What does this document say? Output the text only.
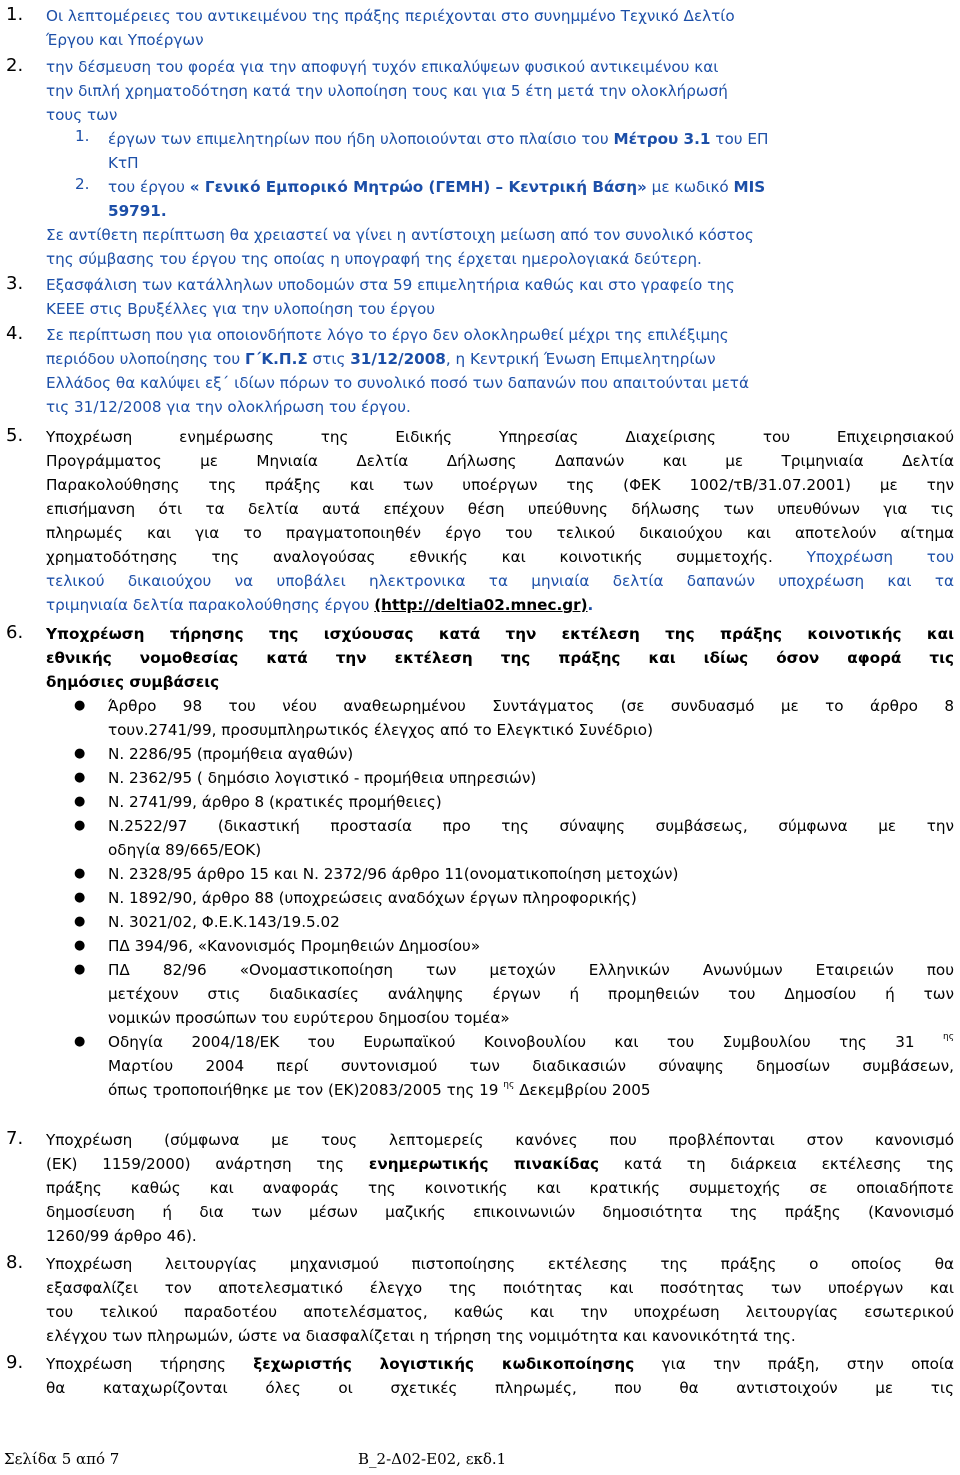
1. Οι λεπτομέρειες του αντικειμένου της πράξης περιέχονται στο συνημμένο Τεχνικό Δελτίο
Έργου και Υποέργων
2. την δέσμευση του φορέα για την αποφυγή τυχόν επικαλύψεων φυσικού αντικειμένου και
την διπλή χρηματοδότηση κατά την υλοποίηση τους και για 5 έτη μετά την ολοκλήρωσή
τους των
1. έργων των επιμελητηρίων που ήδη υλοποιούνται στο πλαίσιο του Μέτρου 3.1 του ΕΠ
ΚτΠ
2. του έργου « Γενικό Εμπορικό Μητρώο (ΓΕΜΗ) – Κεντρική Βάση» με κωδικό MIS
59791.
Σε αντίθετη περίπτωση θα χρειαστεί να γίνει η αντίστοιχη μείωση από τον συνολικό κόστος
της σύμβασης του έργου της οποίας η υπογραφή της έρχεται ημερολογιακά δεύτερη.
3. Εξασφάλιση των κατάλληλων υποδομών στα 59 επιμελητήρια καθώς και στο γραφείο της
ΚΕΕΕ στις Βρυξέλλες για την υλοποίηση του έργου
4. Σε περίπτωση που για οποιονδήποτε λόγο το έργο δεν ολοκληρωθεί μέχρι της επιλέξιμης
περιόδου υλοποίησης του Γ΄Κ.Π.Σ στις 31/12/2008, η Κεντρική Ένωση Επιμελητηρίων
Ελλάδος θα καλύψει εξ΄ ιδίων πόρων το συνολικό ποσό των δαπανών που απαιτούνται μετά
τις 31/12/2008 για την ολοκλήρωση του έργου.
5. Υποχρέωση ενημέρωσης της Ειδικής Υπηρεσίας Διαχείρισης του Επιχειρησιακού
Προγράμματος με Μηνιαία Δελτία Δήλωσης Δαπανών και με Τριμηνιαία Δελτία
Παρακολούθησης της πράξης και των υποέργων της (ΦΕΚ 1002/τΒ/31.07.2001) με την
επισήμανση ότι τα δελτία αυτά επέχουν θέση υπεύθυνης δήλωσης των υπευθύνων για τις
πληρωμές και για το πραγματοποιηθέν έργο του τελικού δικαιούχου και αποτελούν αίτημα
χρηματοδότησης της αναλογούσας εθνικής και κοινοτικής συμμετοχής. Υποχρέωση του
τελικού δικαιούχου να υποβάλει ηλεκτρονικα τα μηνιαία δελτία δαπανών υποχρέωση και τα
τριμηνιαία δελτία παρακολούθησης έργου (http://deltia02.mnec.gr).
6. Υποχρέωση τήρησης της ισχύουσας κατά την εκτέλεση της πράξης κοινοτικής και
εθνικής νομοθεσίας κατά την εκτέλεση της πράξης και ιδίως όσον αφορά τις
δημόσιες συμβάσεις
● Άρθρο 98 του νέου αναθεωρημένου Συντάγματος (σε συνδυασμό με το άρθρο 8
τουν.2741/99, προσυμπληρωτικός έλεγχος από το Ελεγκτικό Συνέδριο)
● Ν. 2286/95 (προμήθεια αγαθών)
● Ν. 2362/95 ( δημόσιο λογιστικό - προμήθεια υπηρεσιών)
● Ν. 2741/99, άρθρο 8 (κρατικές προμήθειες)
● Ν.2522/97 (δικαστική προστασία προ της σύναψης συμβάσεως, σύμφωνα με την
οδηγία 89/665/ΕΟΚ)
● Ν. 2328/95 άρθρο 15 και Ν. 2372/96 άρθρο 11(ονοματικοποίηση μετοχών)
● Ν. 1892/90, άρθρο 88 (υποχρεώσεις αναδόχων έργων πληροφορικής)
● Ν. 3021/02, Φ.Ε.Κ.143/19.5.02
● ΠΔ 394/96, «Κανονισμός Προμηθειών Δημοσίου»
● ΠΔ 82/96 «Ονομαστικοποίηση των μετοχών Ελληνικών Ανωνύμων Εταιρειών που
μετέχουν στις διαδικασίες ανάληψης έργων ή προμηθειών του Δημοσίου ή των
νομικών προσώπων του ευρύτερου δημοσίου τομέα»
● Οδηγία 2004/18/ΕΚ του Ευρωπαϊκού Κοινοβουλίου και του Συμβουλίου της 31	$^{\eta\varsigma}$
Μαρτίου 2004 περί συντονισμού των διαδικασιών σύναψης δημοσίων συμβάσεων,
όπως τροποποιήθηκε με τον (ΕΚ)2083/2005 της 19 $^{\eta\varsigma}$ Δεκεμβρίου 2005
7. Υποχρέωση (σύμφωνα με τους λεπτομερείς κανόνες που προβλέπονται στον κανονισμό
(ΕΚ) 1159/2000) ανάρτηση της ενημερωτικής πινακίδας κατά τη διάρκεια εκτέλεσης της
πράξης καθώς και αναφοράς της κοινοτικής και κρατικής συμμετοχής σε οποιαδήποτε
δημοσίευση ή δια των μέσων μαζικής επικοινωνιών δημοσιότητα της πράξης (Κανονισμό
1260/99 άρθρο 46).
8. Υποχρέωση λειτουργίας μηχανισμού πιστοποίησης εκτέλεσης της πράξης ο οποίος θα
εξασφαλίζει τον αποτελεσματικό έλεγχο της ποιότητας και ποσότητας των υποέργων και
του τελικού παραδοτέου αποτελέσματος, καθώς και την υποχρέωση λειτουργίας εσωτερικού
ελέγχου των πληρωμών, ώστε να διασφαλίζεται η τήρηση της νομιμότητα και κανονικότητά της.
9. Υποχρέωση τήρησης ξεχωριστής λογιστικής κωδικοποίησης για την πράξη, στην οποία
θα καταχωρίζονται όλες οι σχετικές πληρωμές, που θα αντιστοιχούν με τις
Σελίδα 5 από 7	Β_2-Δ02-Ε02, εκδ.1
